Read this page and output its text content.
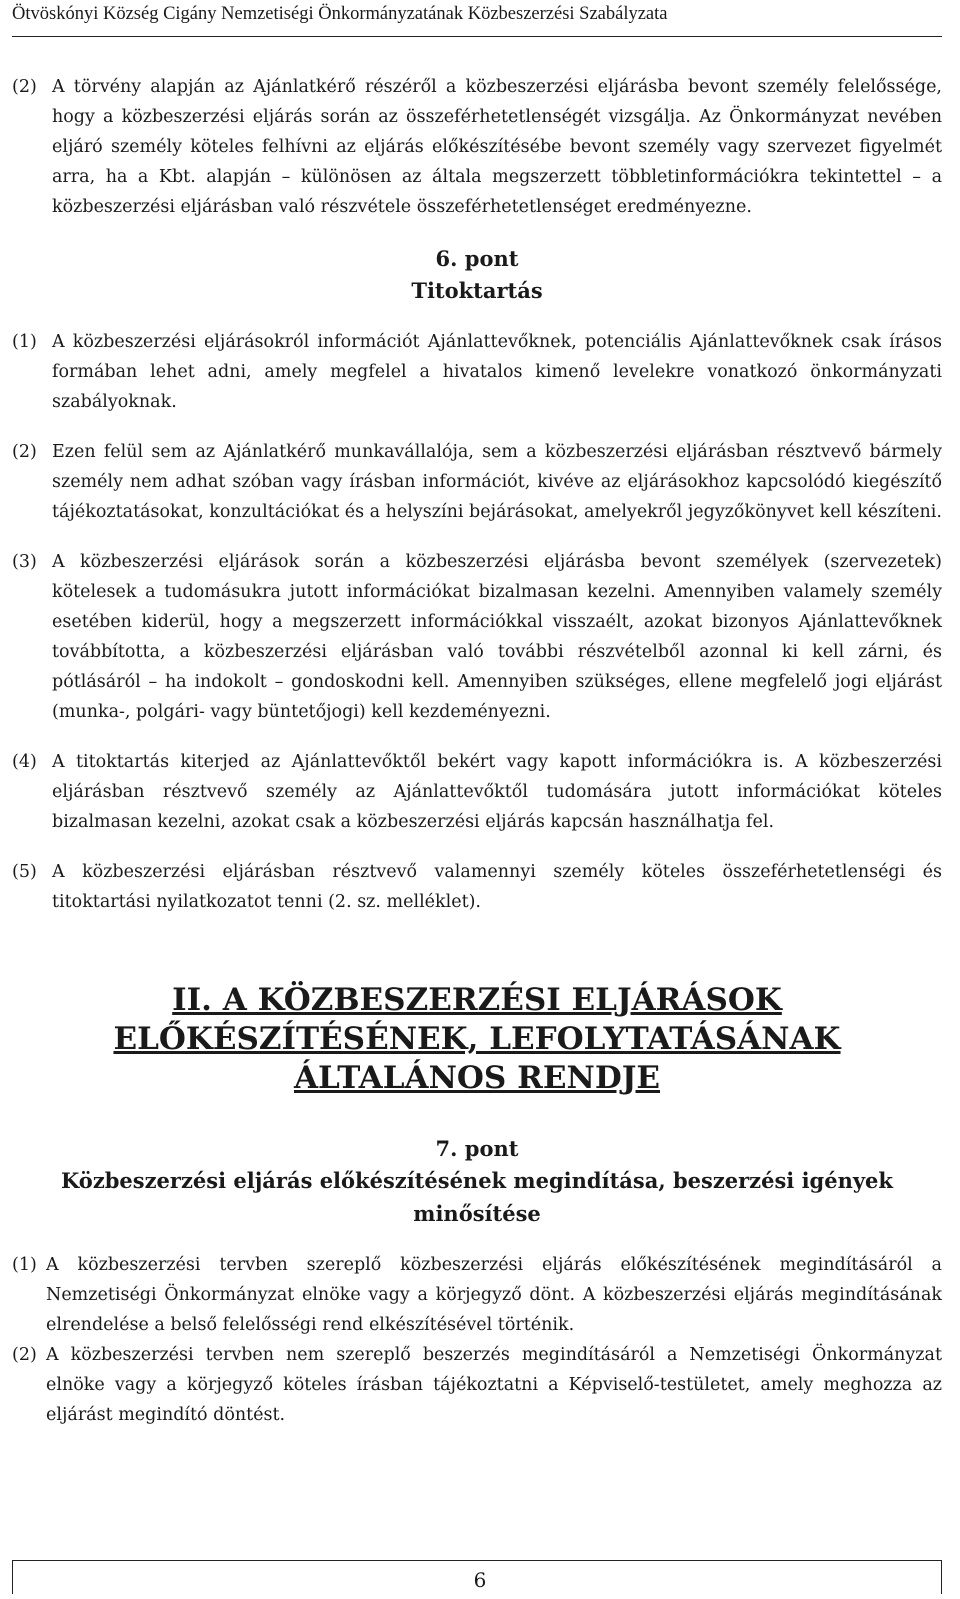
Ötvöskónyi Község Cigány Nemzetiségi Önkormányzatának Közbeszerzési Szabályzata
(2) A törvény alapján az Ajánlatkérő részéről a közbeszerzési eljárásba bevont személy felelőssége, hogy a közbeszerzési eljárás során az összeférhetetlenségét vizsgálja. Az Önkormányzat nevében eljáró személy köteles felhívni az eljárás előkészítésébe bevont személy vagy szervezet figyelmét arra, ha a Kbt. alapján – különösen az általa megszerzett többletinformációkra tekintettel – a közbeszerzési eljárásban való részvétele összeférhetetlenséget eredményezne.

6. pont

Titoktartás

(1) A közbeszerzési eljárásokról információt Ajánlattevőknek, potenciális Ajánlattevőknek csak írásos formában lehet adni, amely megfelel a hivatalos kimenő levelekre vonatkozó önkormányzati szabályoknak.
(2) Ezen felül sem az Ajánlatkérő munkavállalója, sem a közbeszerzési eljárásban résztvevő bármely személy nem adhat szóban vagy írásban információt, kivéve az eljárásokhoz kapcsolódó kiegészítő tájékoztatásokat, konzultációkat és a helyszíni bejárásokat, amelyekről jegyzőkönyvet kell készíteni.
(3) A közbeszerzési eljárások során a közbeszerzési eljárásba bevont személyek (szervezetek) kötelesek a tudomásukra jutott információkat bizalmasan kezelni. Amennyiben valamely személy esetében kiderül, hogy a megszerzett információkkal visszaélt, azokat bizonyos Ajánlattevőknek továbbította, a közbeszerzési eljárásban való további részvételből azonnal ki kell zárni, és pótlásáról – ha indokolt – gondoskodni kell. Amennyiben szükséges, ellene megfelelő jogi eljárást (munka-, polgári- vagy büntetőjogi) kell kezdeményezni.
(4) A titoktartás kiterjed az Ajánlattevőktől bekért vagy kapott információkra is. A közbeszerzési eljárásban résztvevő személy az Ajánlattevőktől tudomására jutott információkat köteles bizalmasan kezelni, azokat csak a közbeszerzési eljárás kapcsán használhatja fel.
(5) A közbeszerzési eljárásban résztvevő valamennyi személy köteles összeférhetetlenségi és titoktartási nyilatkozatot tenni (2. sz. melléklet).

II. A KÖZBESZERZÉSI ELJÁRÁSOK ELŐKÉSZÍTÉSÉNEK, LEFOLYTATÁSÁNAK ÁLTALÁNOS RENDJE

7. pont

Közbeszerzési eljárás előkészítésének megindítása, beszerzési igények minősítése

(1) A közbeszerzési tervben szereplő közbeszerzési eljárás előkészítésének megindításáról a Nemzetiségi Önkormányzat elnöke vagy a körjegyző dönt. A közbeszerzési eljárás megindításának elrendelése a belső felelősségi rend elkészítésével történik.
(2) A közbeszerzési tervben nem szereplő beszerzés megindításáról a Nemzetiségi Önkormányzat elnöke vagy a körjegyző köteles írásban tájékoztatni a Képviselő-testületet, amely meghozza az eljárást megindító döntést.
6
